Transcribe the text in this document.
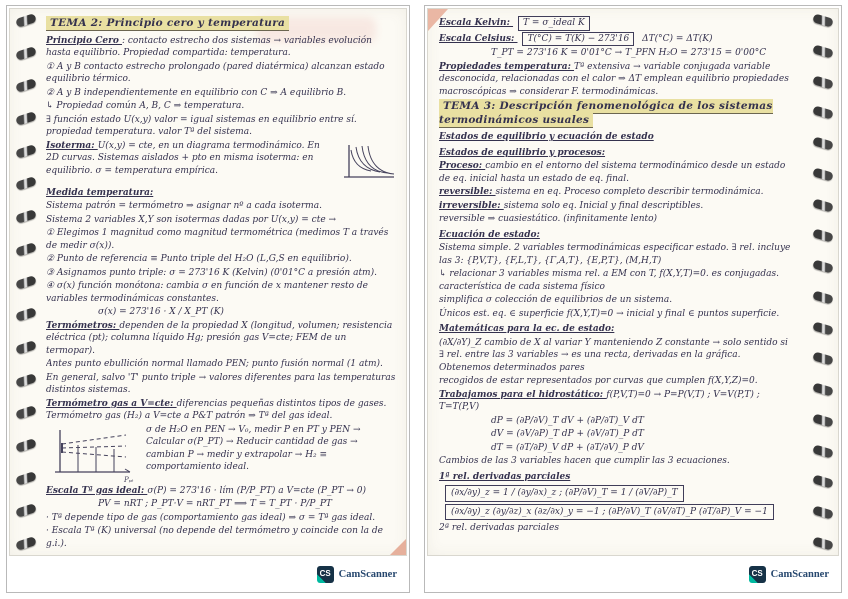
TEMA 2: Principio cero y temperatura
Principio Cero : contacto estrecho dos sistemas → variables evolución hasta equilibrio. Propiedad compartida: temperatura.
① A y B contacto estrecho prolongado (pared diatérmica) alcanzan estado equilibrio térmico.
② A y B independientemente en equilibrio con C ⇒ A equilibrio B.
↳ Propiedad común A, B, C ⇒ temperatura.
∃ función estado U(x,y) valor = igual sistemas en equilibrio entre sí. propiedad temperatura. valor Tª del sistema.
Isoterma: U(x,y) = cte, en un diagrama termodinámico. En 2D curvas. Sistemas aislados + pto en misma isoterma: en equilibrio. σ = temperatura empírica.
Medida temperatura:
Sistema patrón = termómetro ⇒ asignar nº a cada isoterma.
Sistema 2 variables X,Y son isotermas dadas por U(x,y) = cte →
① Elegimos 1 magnitud como magnitud termométrica (medimos T a través de medir σ(x)).
② Punto de referencia ≡ Punto triple del H₂O (L,G,S en equilibrio).
③ Asignamos punto triple: σ = 273'16 K (Kelvin) (0'01°C a presión atm).
④ σ(x) función monótona: cambia σ en función de x mantener resto de variables termodinámicas constantes.
σ(x) = 273'16 · X / X_PT (K)
Termómetros: dependen de la propiedad X (longitud, volumen; resistencia eléctrica (pt); columna líquido Hg; presión gas V=cte; FEM de un termopar).
Antes punto ebullición normal llamado PEN; punto fusión normal (1 atm).
En general, salvo 'T' punto triple → valores diferentes para las temperaturas distintos sistemas.
Termómetro gas a V=cte: diferencias pequeñas distintos tipos de gases. Termómetro gas (H₂) a V=cte a P&T patrón ⇒ Tª del gas ideal.
Pₚₜ
σ de H₂O en PEN → V₀, medir P en PT y PEN → Calcular σ(P_PT) → Reducir cantidad de gas → cambian P → medir y extrapolar → H₂ ≡ comportamiento ideal.
Escala Tª gas ideal: σ(P) = 273'16 · lím (P/P_PT) a V=cte (P_PT → 0)
PV = nRT ; P_PT·V = nRT_PT ⟹ T = T_PT · P/P_PT
· Tª depende tipo de gas (comportamiento gas ideal) ⇒ σ = Tª gas ideal.
· Escala Tª (K) universal (no depende del termómetro y coincide con la de g.i.).
CS CamScanner
Escala Kelvin: T = σ_ideal K
Escala Celsius: T(°C) = T(K) − 273'16 ΔT(°C) = ΔT(K)
T_PT = 273'16 K = 0'01°C → T_PFN H₂O = 273'15 = 0'00°C
Propiedades temperatura: Tª extensiva → variable conjugada variable desconocida, relacionadas con el calor ⇒ ΔT emplean equilibrio propiedades macroscópicas ⇒ considerar F. termodinámicas.
TEMA 3: Descripción fenomenológica de los sistemas termodinámicos usuales
Estados de equilibrio y ecuación de estado
Estados de equilibrio y procesos:
Proceso: cambio en el entorno del sistema termodinámico desde un estado de eq. inicial hasta un estado de eq. final.
reversible: sistema en eq. Proceso completo describir termodinámica.
irreversible: sistema solo eq. Inicial y final descriptibles.
reversible ⇒ cuasiestático. (infinitamente lento)
Ecuación de estado:
Sistema simple. 2 variables termodinámicas especificar estado. ∃ rel. incluye las 3: {P,V,T}, {F,L,T}, {Γ,A,T}, {E,P,T}, (M,H,T)
↳ relacionar 3 variables misma rel. a EM con T, f(X,Y,T)=0. es conjugadas. característica de cada sistema físico
simplifica σ colección de equilibrios de un sistema.
Únicos est. eq. ∈ superficie f(X,Y,T)=0 → inicial y final ∈ puntos superficie.
Matemáticas para la ec. de estado:
(∂X/∂Y)_Z cambio de X al variar Y manteniendo Z constante → solo sentido si ∃ rel. entre las 3 variables → es una recta, derivadas en la gráfica. Obtenemos determinados pares
recogidos de estar representados por curvas que cumplen f(X,Y,Z)=0.
Trabajamos para el hidrostático: f(P,V,T)=0 → P=P(V,T) ; V=V(P,T) ; T=T(P,V)
dP = (∂P/∂V)_T dV + (∂P/∂T)_V dT
dV = (∂V/∂P)_T dP + (∂V/∂T)_P dT
dT = (∂T/∂P)_V dP + (∂T/∂V)_P dV
Cambios de las 3 variables hacen que cumplir las 3 ecuaciones.
1ª rel. derivadas parciales
(∂x/∂y)_z = 1 / (∂y/∂x)_z ; (∂P/∂V)_T = 1 / (∂V/∂P)_T
(∂x/∂y)_z (∂y/∂z)_x (∂z/∂x)_y = −1 ; (∂P/∂V)_T (∂V/∂T)_P (∂T/∂P)_V = −1
2ª rel. derivadas parciales
CS CamScanner
